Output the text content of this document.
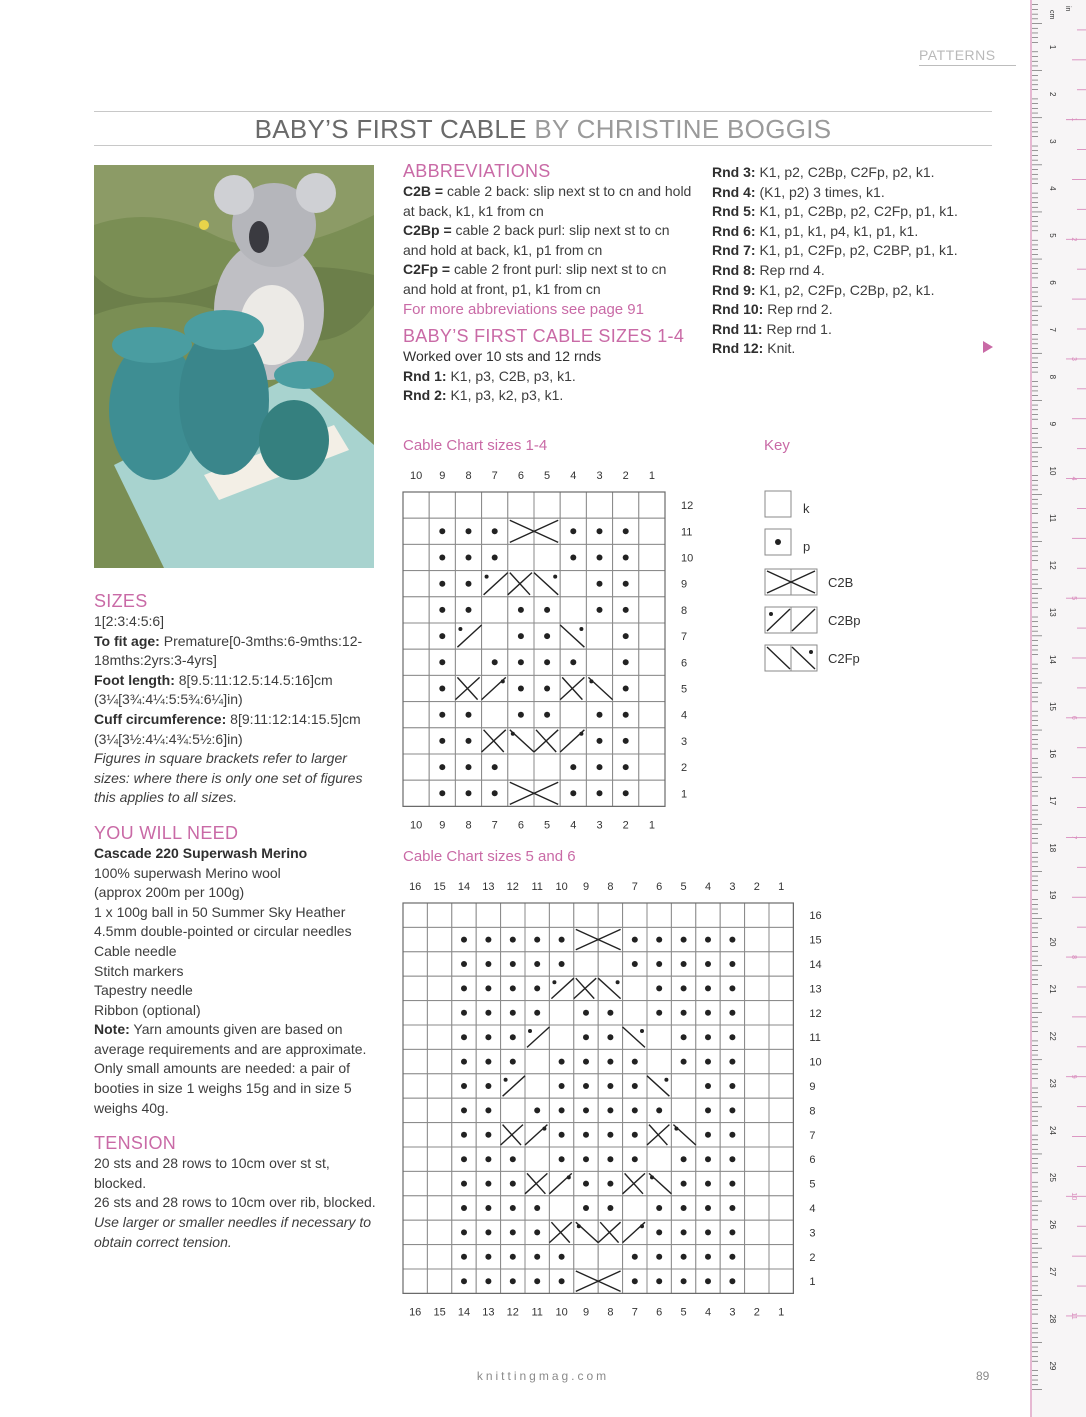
PATTERNS
BABY’S FIRST CABLE BY CHRISTINE BOGGIS
SIZES
1[2:3:4:5:6]
To fit age: Premature[0-3mths:6-9mths:12-18mths:2yrs:3-4yrs]
Foot length: 8[9.5:11:12.5:14.5:16]cm (3¼[3¾:4¼:5:5¾:6¼]in)
Cuff circumference: 8[9:11:12:14:15.5]cm (3¼[3½:4¼:4¾:5½:6]in)
Figures in square brackets refer to larger sizes: where there is only one set of figures this applies to all sizes.
YOU WILL NEED
Cascade 220 Superwash Merino
100% superwash Merino wool
(approx 200m per 100g)
1 x 100g ball in 50 Summer Sky Heather
4.5mm double-pointed or circular needles
Cable needle
Stitch markers
Tapestry needle
Ribbon (optional)
Note: Yarn amounts given are based on average requirements and are approximate. Only small amounts are needed: a pair of booties in size 1 weighs 15g and in size 5 weighs 40g.
TENSION
20 sts and 28 rows to 10cm over st st, blocked.
26 sts and 28 rows to 10cm over rib, blocked.
Use larger or smaller needles if necessary to obtain correct tension.
ABBREVIATIONS
C2B = cable 2 back: slip next st to cn and hold at back, k1, k1 from cn
C2Bp = cable 2 back purl: slip next st to cn and hold at back, k1, p1 from cn
C2Fp = cable 2 front purl: slip next st to cn and hold at front, p1, k1 from cn
For more abbreviations see page 91
BABY’S FIRST CABLE SIZES 1-4
Worked over 10 sts and 12 rnds
Rnd 1: K1, p3, C2B, p3, k1.
Rnd 2: K1, p3, k2, p3, k1.
Rnd 3: K1, p2, C2Bp, C2Fp, p2, k1.
Rnd 4: (K1, p2) 3 times, k1.
Rnd 5: K1, p1, C2Bp, p2, C2Fp, p1, k1.
Rnd 6: K1, p1, k1, p4, k1, p1, k1.
Rnd 7: K1, p1, C2Fp, p2, C2BP, p1, k1.
Rnd 8: Rep rnd 4.
Rnd 9: K1, p2, C2Fp, C2Bp, p2, k1.
Rnd 10: Rep rnd 2.
Rnd 11: Rep rnd 1.
Rnd 12: Knit.
Cable Chart sizes 1-4
10
10
9
9
8
8
7
7
6
6
5
5
4
4
3
3
2
2
1
1
12
11
10
9
8
7
6
5
4
3
2
1
Cable Chart sizes 5 and 6
16
16
15
15
14
14
13
13
12
12
11
11
10
10
9
9
8
8
7
7
6
6
5
5
4
4
3
3
2
2
1
1
16
15
14
13
12
11
10
9
8
7
6
5
4
3
2
1
Key
k
p
C2B
C2Bp
C2Fp
knittingmag.com	89
cm
in
1
2
3
4
5
6
7
8
9
10
11
12
13
14
15
16
17
18
19
20
21
22
23
24
25
26
27
28
29
1
2
3
4
5
6
7
8
9
10
11
